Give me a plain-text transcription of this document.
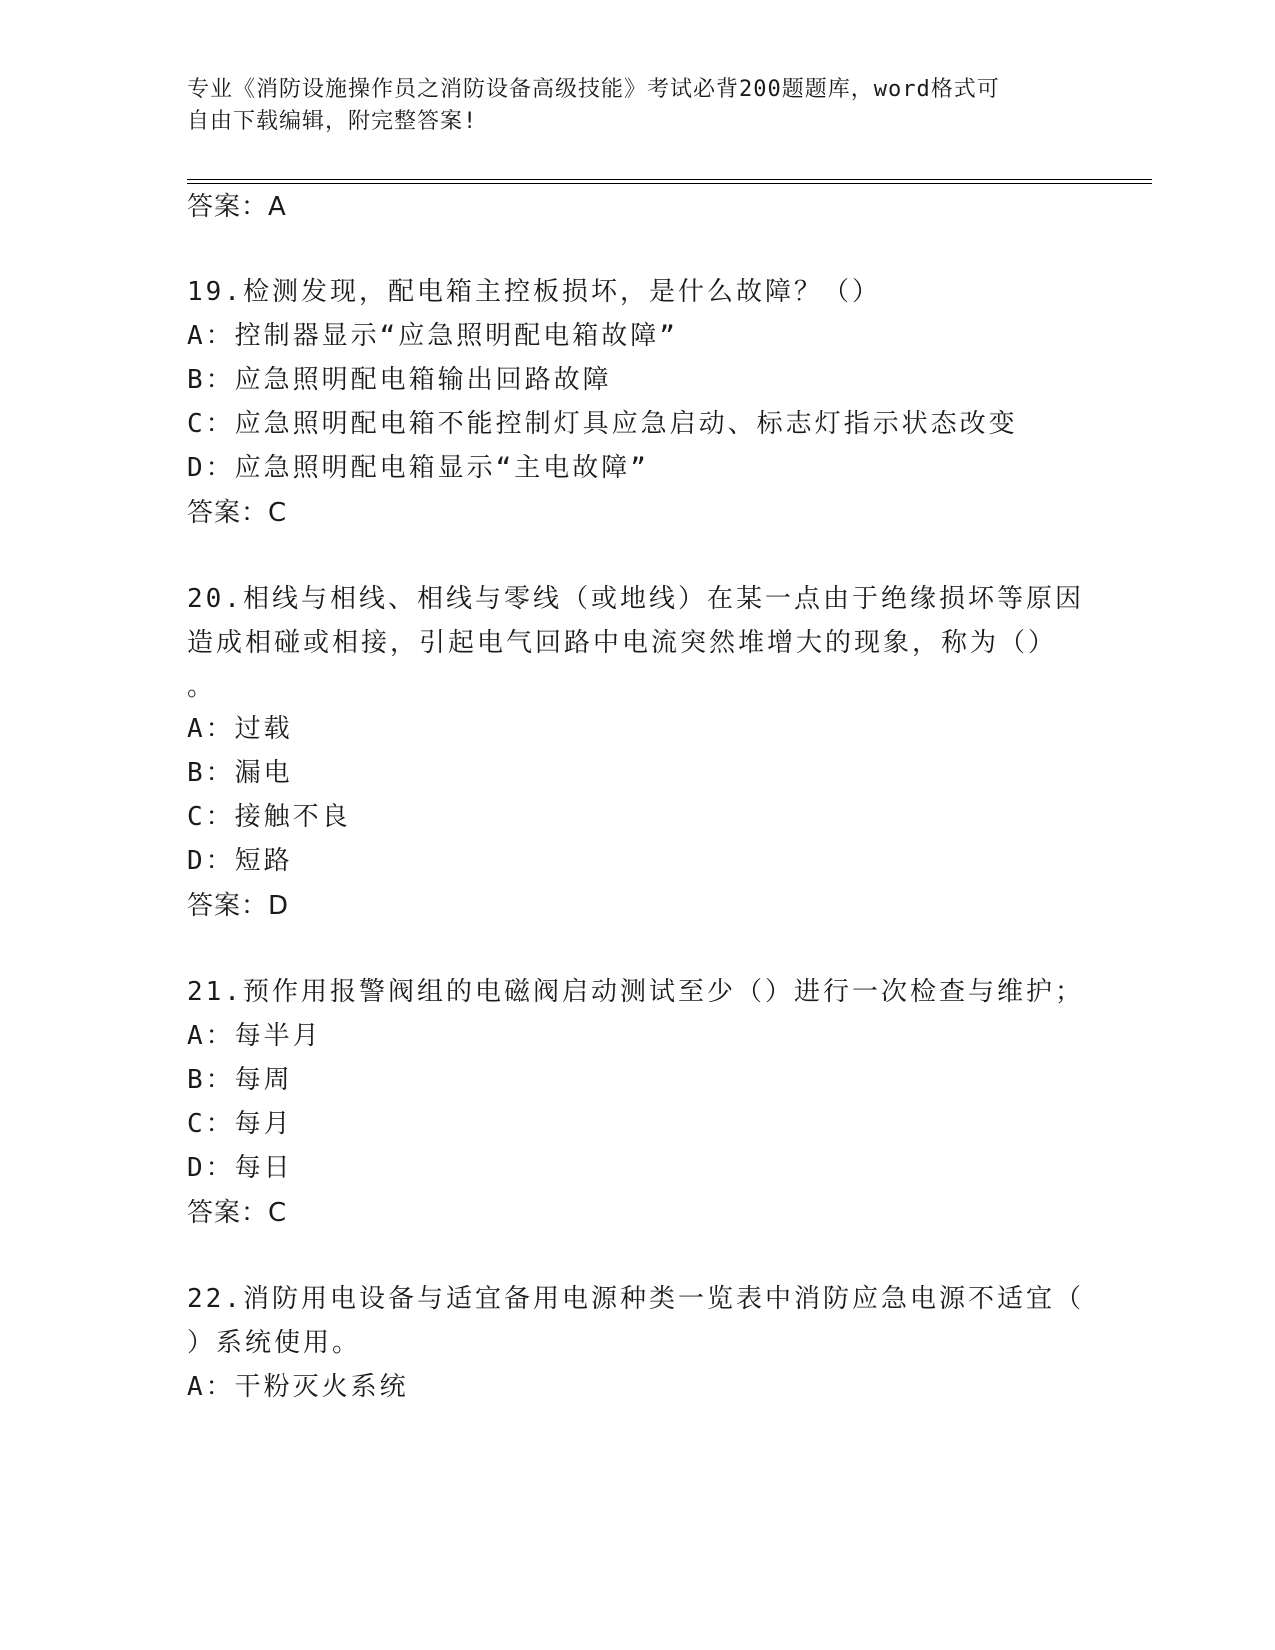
专业《消防设施操作员之消防设备高级技能》考试必背200题题库，word格式可
自由下载编辑，附完整答案!
答案：A
19.检测发现，配电箱主控板损坏，是什么故障？（）
A：控制器显示“应急照明配电箱故障”
B：应急照明配电箱输出回路故障
C：应急照明配电箱不能控制灯具应急启动、标志灯指示状态改变
D：应急照明配电箱显示“主电故障”
答案：C
20.相线与相线、相线与零线（或地线）在某一点由于绝缘损坏等原因
造成相碰或相接，引起电气回路中电流突然堆增大的现象，称为（）
。
A：过载
B：漏电
C：接触不良
D：短路
答案：D
21.预作用报警阀组的电磁阀启动测试至少（）进行一次检查与维护；
A：每半月
B：每周
C：每月
D：每日
答案：C
22.消防用电设备与适宜备用电源种类一览表中消防应急电源不适宜（
）系统使用。
A：干粉灭火系统
